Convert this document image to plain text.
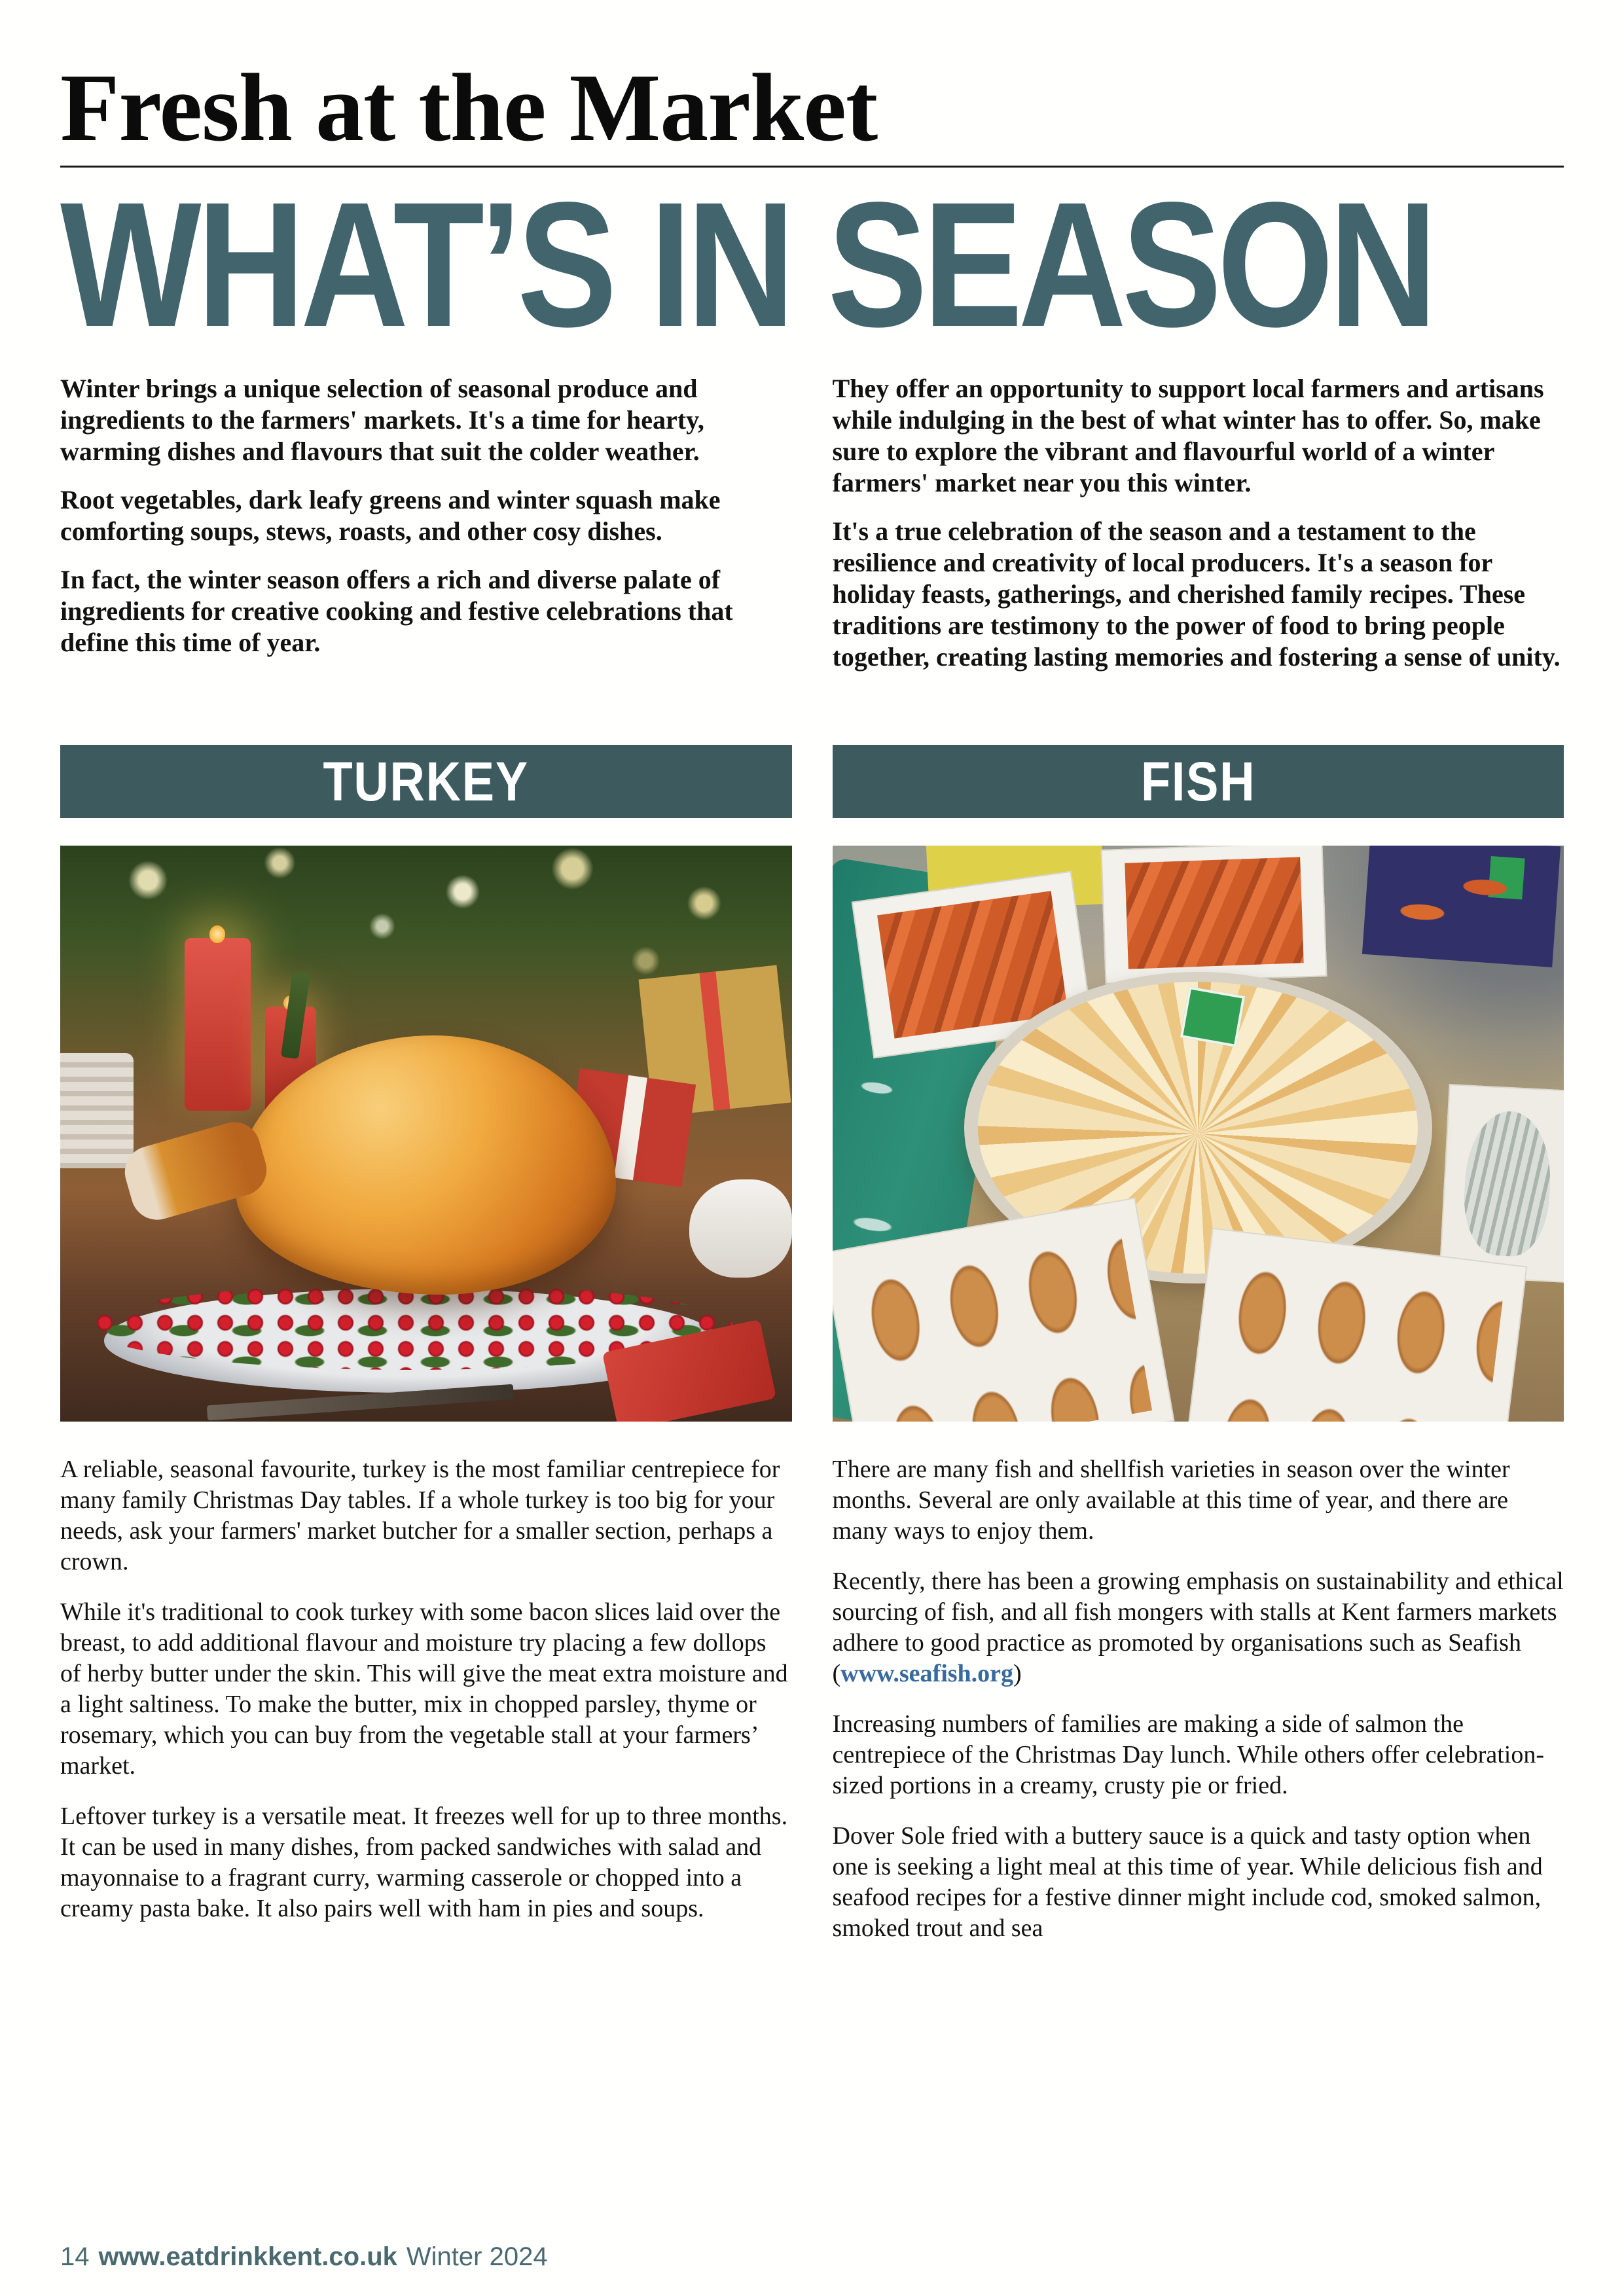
Fresh at the Market
WHAT’S IN SEASON

Winter brings a unique selection of seasonal produce and ingredients to the farmers' markets. It's a time for hearty, warming dishes and flavours that suit the colder weather.

Root vegetables, dark leafy greens and winter squash make comforting soups, stews, roasts, and other cosy dishes.

In fact, the winter season offers a rich and diverse palate of ingredients for creative cooking and festive celebrations that define this time of year.

They offer an opportunity to support local farmers and artisans while indulging in the best of what winter has to offer. So, make sure to explore the vibrant and flavourful world of a winter farmers' market near you this winter.

It's a true celebration of the season and a testament to the resilience and creativity of local producers. It's a season for holiday feasts, gatherings, and cherished family recipes. These traditions are testimony to the power of food to bring people together, creating lasting memories and fostering a sense of unity.

TURKEY

A reliable, seasonal favourite, turkey is the most familiar centrepiece for many family Christmas Day tables. If a whole turkey is too big for your needs, ask your farmers' market butcher for a smaller section, perhaps a crown.

While it's traditional to cook turkey with some bacon slices laid over the breast, to add additional flavour and moisture try placing a few dollops of herby butter under the skin. This will give the meat extra moisture and a light saltiness. To make the butter, mix in chopped parsley, thyme or rosemary, which you can buy from the vegetable stall at your farmers’ market.

Leftover turkey is a versatile meat. It freezes well for up to three months. It can be used in many dishes, from packed sandwiches with salad and mayonnaise to a fragrant curry, warming casserole or chopped into a creamy pasta bake. It also pairs well with ham in pies and soups.

FISH

There are many fish and shellfish varieties in season over the winter months. Several are only available at this time of year, and there are many ways to enjoy them.

Recently, there has been a growing emphasis on sustainability and ethical sourcing of fish, and all fish mongers with stalls at Kent farmers markets adhere to good practice as promoted by organisations such as Seafish (www.seafish.org)

Increasing numbers of families are making a side of salmon the centrepiece of the Christmas Day lunch. While others offer celebration-sized portions in a creamy, crusty pie or fried.

Dover Sole fried with a buttery sauce is a quick and tasty option when one is seeking a light meal at this time of year. While delicious fish and seafood recipes for a festive dinner might include cod, smoked salmon, smoked trout and sea

14 www.eatdrinkkent.co.uk Winter 2024
